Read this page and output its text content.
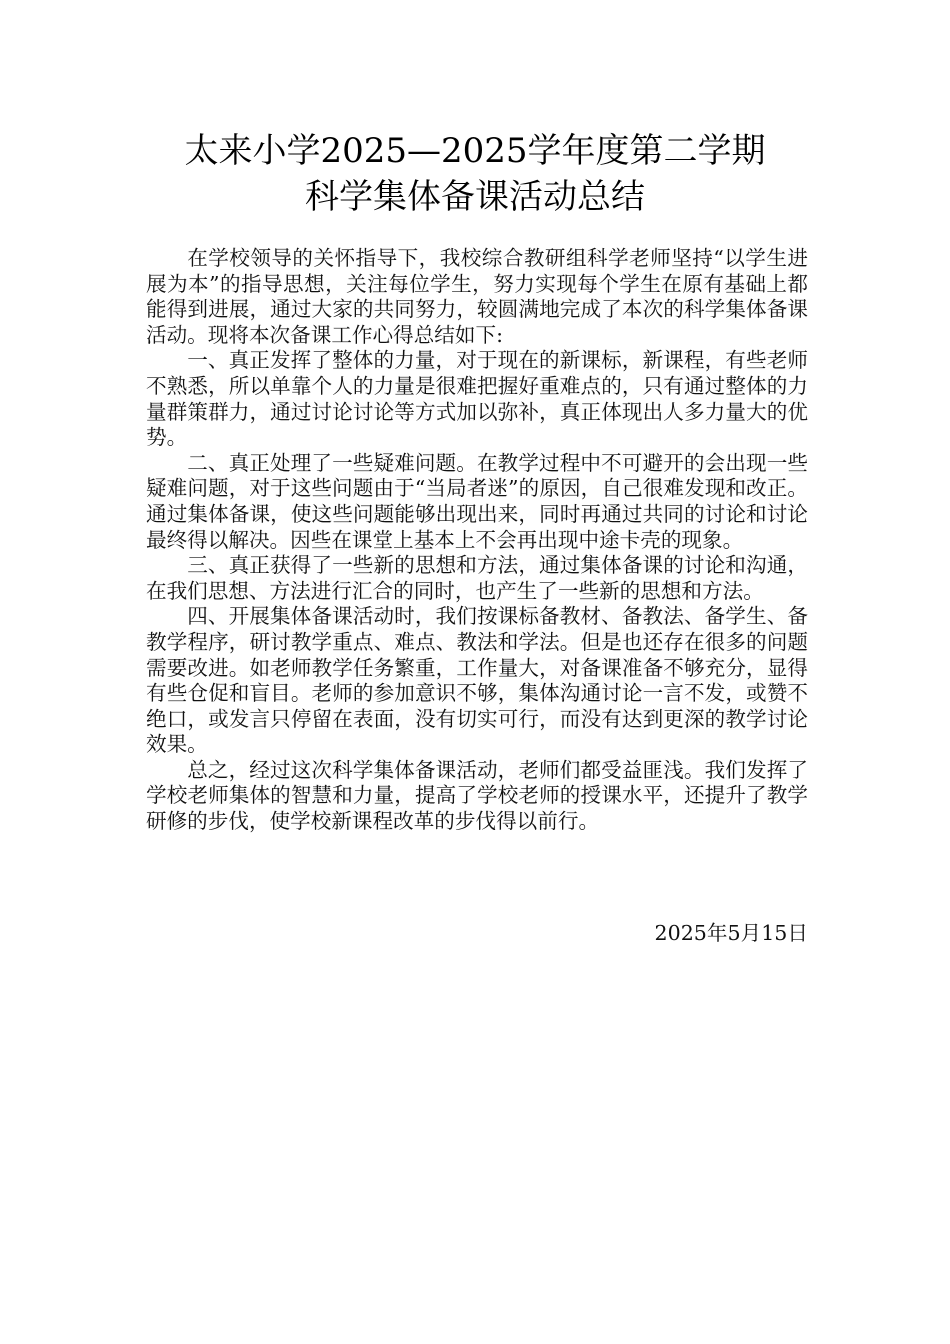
太来小学2025—2025学年度第二学期
科学集体备课活动总结

在学校领导的关怀指导下，我校综合教研组科学老师坚持“以学生进展为本”的指导思想，关注每位学生，努力实现每个学生在原有基础上都能得到进展，通过大家的共同努力，较圆满地完成了本次的科学集体备课活动。现将本次备课工作心得总结如下:

一、真正发挥了整体的力量，对于现在的新课标，新课程，有些老师不熟悉，所以单靠个人的力量是很难把握好重难点的，只有通过整体的力量群策群力，通过讨论讨论等方式加以弥补，真正体现出人多力量大的优势。

二、真正处理了一些疑难问题。在教学过程中不可避开的会出现一些疑难问题，对于这些问题由于“当局者迷”的原因，自己很难发现和改正。通过集体备课，使这些问题能够出现出来，同时再通过共同的讨论和讨论最终得以解决。因些在课堂上基本上不会再出现中途卡壳的现象。

三、真正获得了一些新的思想和方法，通过集体备课的讨论和沟通，在我们思想、方法进行汇合的同时，也产生了一些新的思想和方法。

四、开展集体备课活动时，我们按课标备教材、备教法、备学生、备教学程序，研讨教学重点、难点、教法和学法。但是也还存在很多的问题需要改进。如老师教学任务繁重，工作量大，对备课准备不够充分，显得有些仓促和盲目。老师的参加意识不够，集体沟通讨论一言不发，或赞不绝口，或发言只停留在表面，没有切实可行，而没有达到更深的教学讨论效果。

总之，经过这次科学集体备课活动，老师们都受益匪浅。我们发挥了学校老师集体的智慧和力量，提高了学校老师的授课水平，还提升了教学研修的步伐，使学校新课程改革的步伐得以前行。

2025年5月15日
